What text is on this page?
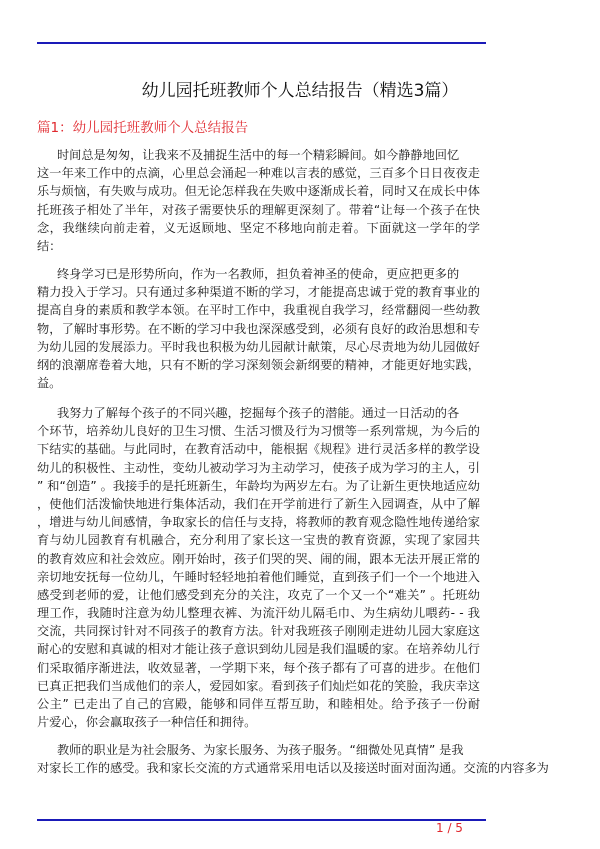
幼儿园托班教师个人总结报告（精选3篇）
篇1：幼儿园托班教师个人总结报告
时间总是匆匆，让我来不及捕捉生活中的每一个精彩瞬间。如今静静地回忆
这一年来工作中的点滴，心里总会涌起一种难以言表的感觉，三百多个日日夜夜走
乐与烦恼，有失败与成功。但无论怎样我在失败中逐渐成长着，同时又在成长中体
托班孩子相处了半年，对孩子需要快乐的理解更深刻了。带着“让每一个孩子在快
念，我继续向前走着，义无返顾地、坚定不移地向前走着。下面就这一学年的学
结：
终身学习已是形势所向，作为一名教师，担负着神圣的使命，更应把更多的
精力投入于学习。只有通过多种渠道不断的学习，才能提高忠诚于党的教育事业的
提高自身的素质和教学本领。在平时工作中，我重视自我学习，经常翻阅一些幼教
物，了解时事形势。在不断的学习中我也深深感受到，必须有良好的政治思想和专
为幼儿园的发展添力。平时我也积极为幼儿园献计献策，尽心尽责地为幼儿园做好
纲的浪潮席卷着大地，只有不断的学习深刻领会新纲要的精神，才能更好地实践，
益。
我努力了解每个孩子的不同兴趣，挖掘每个孩子的潜能。通过一日活动的各
个环节，培养幼儿良好的卫生习惯、生活习惯及行为习惯等一系列常规，为今后的
下结实的基础。与此同时，在教育活动中，能根据《规程》进行灵活多样的教学设
幼儿的积极性、主动性，变幼儿被动学习为主动学习，使孩子成为学习的主人，引
” 和“创造” 。我接手的是托班新生，年龄均为两岁左右。为了让新生更快地适应幼
，使他们活泼愉快地进行集体活动，我们在开学前进行了新生入园调查，从中了解
，增进与幼儿间感情，争取家长的信任与支持，将教师的教育观念隐性地传递给家
育与幼儿园教育有机融合，充分利用了家长这一宝贵的教育资源，实现了家园共
的教育效应和社会效应。刚开始时，孩子们哭的哭、闹的闹，跟本无法开展正常的
亲切地安抚每一位幼儿，午睡时轻轻地拍着他们睡觉，直到孩子们一个一个地进入
感受到老师的爱，让他们感受到充分的关注，攻克了一个又一个“难关” 。托班幼
理工作，我随时注意为幼儿整理衣裤、为流汗幼儿隔毛巾、为生病幼儿喂药- - 我
交流，共同探讨针对不同孩子的教育方法。针对我班孩子刚刚走进幼儿园大家庭这
耐心的安慰和真诚的相对才能让孩子意识到幼儿园是我们温暖的家。在培养幼儿行
们采取循序渐进法，收效显著，一学期下来，每个孩子都有了可喜的进步。在他们
已真正把我们当成他们的亲人，爱园如家。看到孩子们灿烂如花的笑脸，我庆幸这
公主” 已走出了自己的宫殿，能够和同伴互帮互助，和睦相处。给予孩子一份耐
片爱心，你会赢取孩子一种信任和拥待。
教师的职业是为社会服务、为家长服务、为孩子服务。“细微处见真情” 是我
对家长工作的感受。我和家长交流的方式通常采用电话以及接送时面对面沟通。交流的内容多为
1 / 5
